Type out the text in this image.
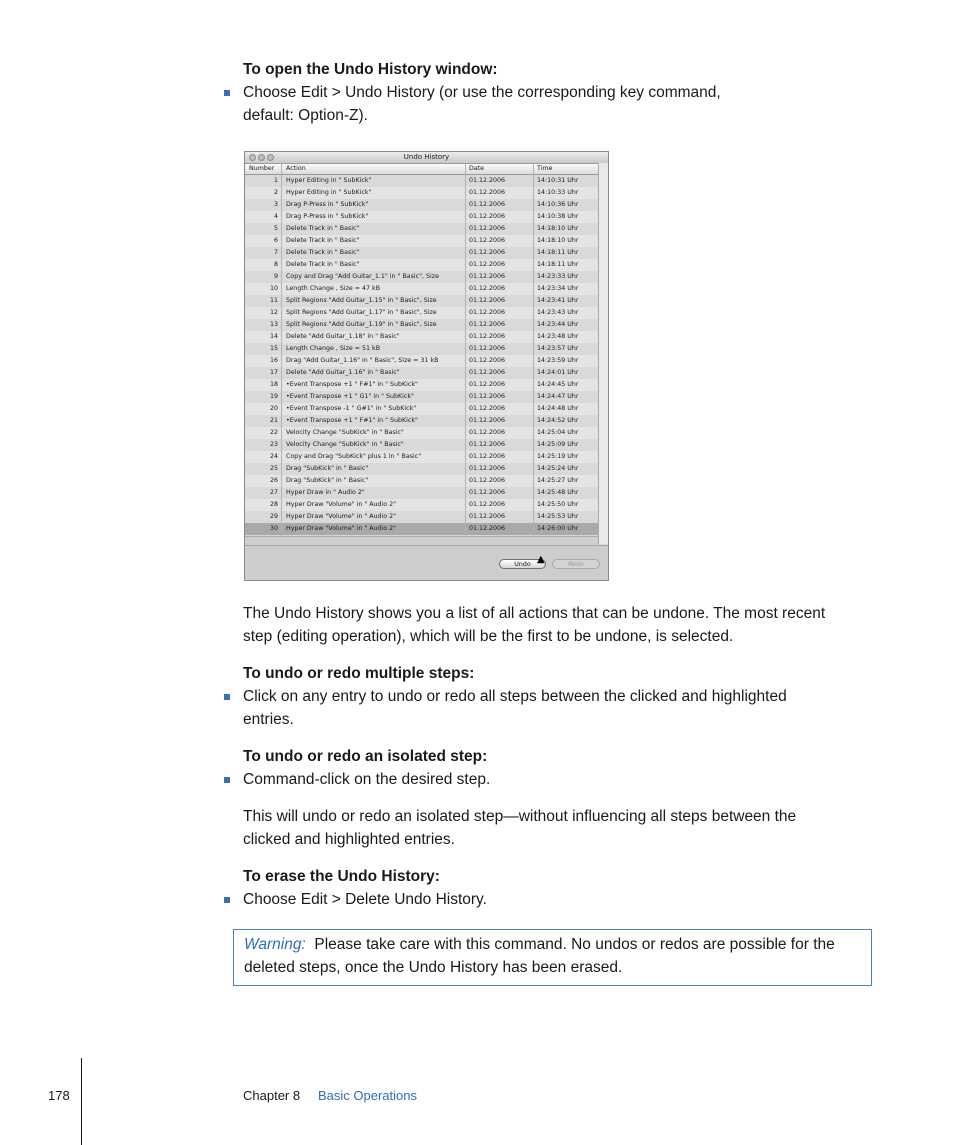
To open the Undo History window:
Choose Edit > Undo History (or use the corresponding key command,
default: Option-Z).
Undo History
Number Action	Date	Time
1 Hyper Editing in " SubKick"	01.12.2006	14:10:31 Uhr
2 Hyper Editing in " SubKick"	01.12.2006	14:10:33 Uhr
3 Drag P-Press in " SubKick"	01.12.2006	14:10:36 Uhr
4 Drag P-Press in " SubKick"	01.12.2006	14:10:38 Uhr
5 Delete Track in " Basic"	01.12.2006	14:18:10 Uhr
6 Delete Track in " Basic"	01.12.2006	14:18:10 Uhr
7 Delete Track in " Basic"	01.12.2006	14:18:11 Uhr
8 Delete Track in " Basic"	01.12.2006	14:18:11 Uhr
9 Copy and Drag "Add Guitar_1.1" in " Basic", Size	01.12.2006	14:23:33 Uhr
10 Length Change , Size = 47 kB	01.12.2006	14:23:34 Uhr
11 Split Regions "Add Guitar_1.15" in " Basic", Size	01.12.2006	14:23:41 Uhr
12 Split Regions "Add Guitar_1.17" in " Basic", Size	01.12.2006	14:23:43 Uhr
13 Split Regions "Add Guitar_1.19" in " Basic", Size	01.12.2006	14:23:44 Uhr
14 Delete "Add Guitar_1.18" in " Basic"	01.12.2006	14:23:48 Uhr
15 Length Change , Size = 51 kB	01.12.2006	14:23:57 Uhr
16 Drag "Add Guitar_1.16" in " Basic", Size = 31 kB	01.12.2006	14:23:59 Uhr
17 Delete "Add Guitar_1.16" in " Basic"	01.12.2006	14:24:01 Uhr
18 •Event Transpose +1 " F#1" in " SubKick"	01.12.2006	14:24:45 Uhr
19 •Event Transpose +1 " G1" in " SubKick"	01.12.2006	14:24:47 Uhr
20 •Event Transpose -1 " G#1" in " SubKick"	01.12.2006	14:24:48 Uhr
21 •Event Transpose +1 " F#1" in " SubKick"	01.12.2006	14:24:52 Uhr
22 Velocity Change "SubKick" in " Basic"	01.12.2006	14:25:04 Uhr
23 Velocity Change "SubKick" in " Basic"	01.12.2006	14:25:09 Uhr
24 Copy and Drag "SubKick" plus 1 in " Basic"	01.12.2006	14:25:19 Uhr
25 Drag "SubKick" in " Basic"	01.12.2006	14:25:24 Uhr
26 Drag "SubKick" in " Basic"	01.12.2006	14:25:27 Uhr
27 Hyper Draw in " Audio 2"	01.12.2006	14:25:48 Uhr
28 Hyper Draw "Volume" in " Audio 2"	01.12.2006	14:25:50 Uhr
29 Hyper Draw "Volume" in " Audio 2"	01.12.2006	14:25:53 Uhr
30 Hyper Draw "Volume" in " Audio 2"	01.12.2006	14:26:00 Uhr
Undo	Redo
▲
The Undo History shows you a list of all actions that can be undone. The most recent
step (editing operation), which will be the first to be undone, is selected.
To undo or redo multiple steps:
Click on any entry to undo or redo all steps between the clicked and highlighted
entries.
To undo or redo an isolated step:
Command-click on the desired step.
This will undo or redo an isolated step—without influencing all steps between the
clicked and highlighted entries.
To erase the Undo History:
Choose Edit > Delete Undo History.
Warning: Please take care with this command. No undos or redos are possible for the
deleted steps, once the Undo History has been erased.
178	Chapter 8 Basic Operations
